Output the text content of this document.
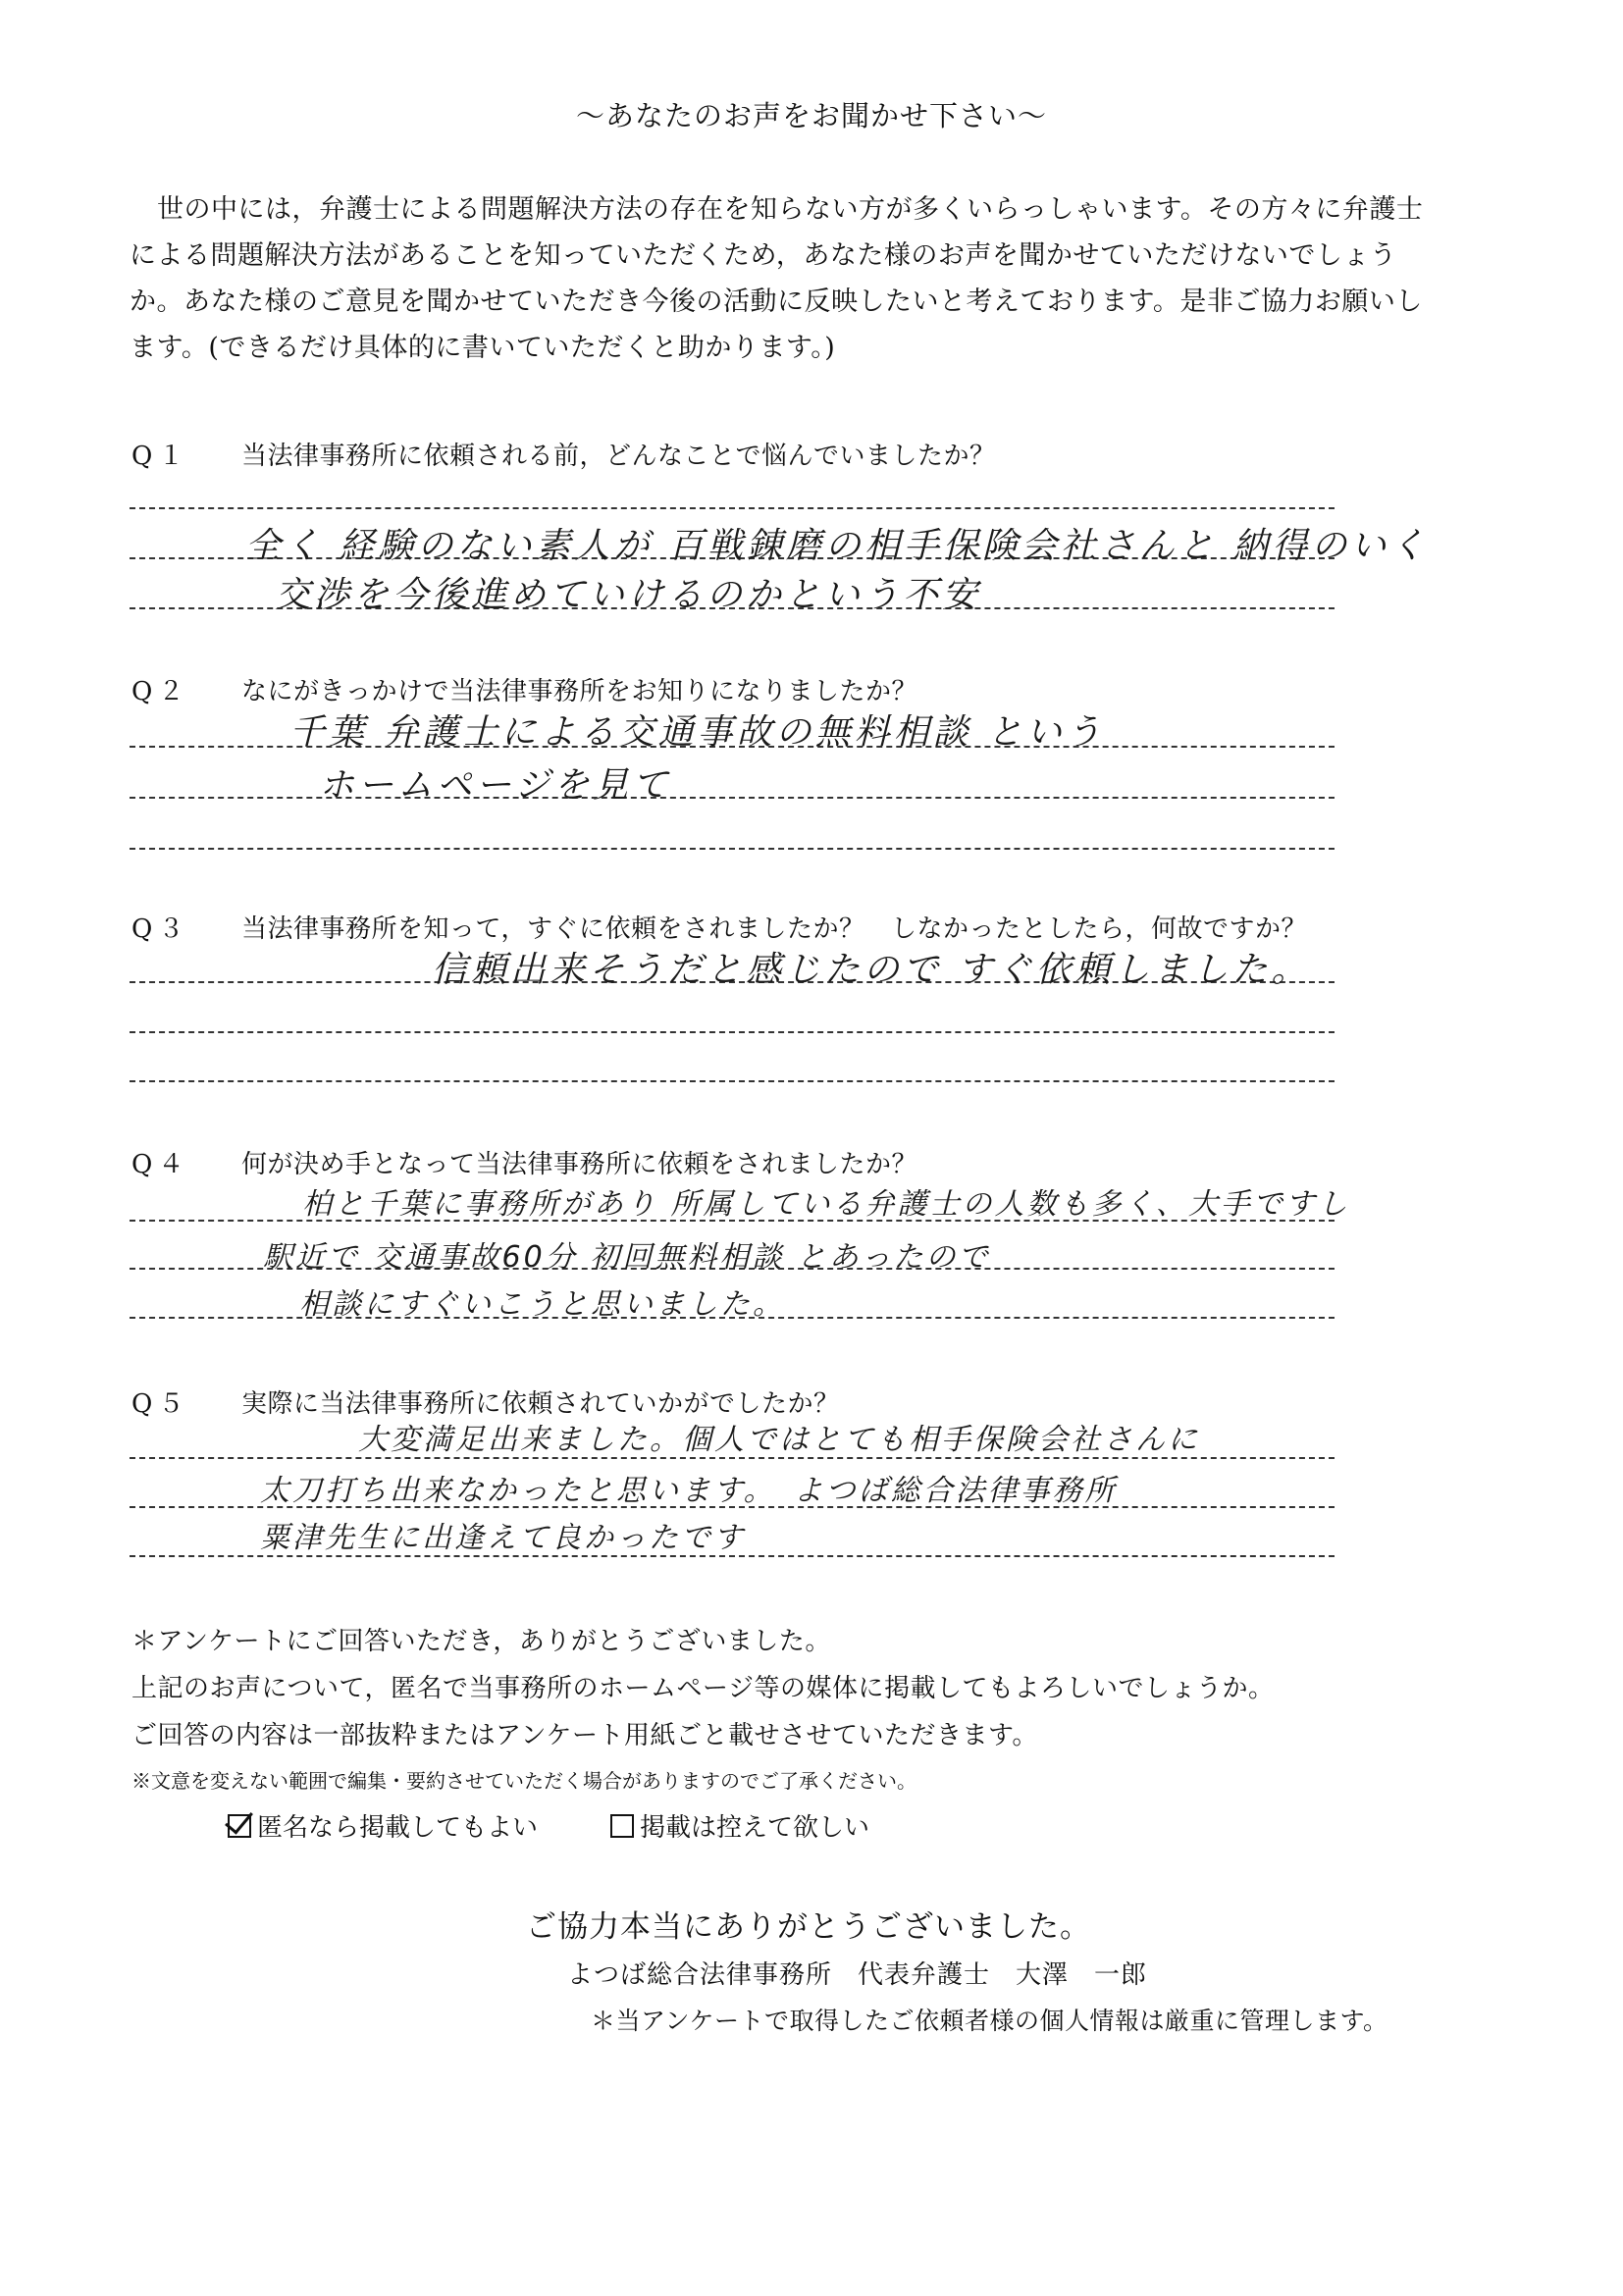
～あなたのお声をお聞かせ下さい～

世の中には，弁護士による問題解決方法の存在を知らない方が多くいらっしゃいます。その方々に弁護士

による問題解決方法があることを知っていただくため，あなた様のお声を聞かせていただけないでしょう
か。あなた様のご意見を聞かせていただき今後の活動に反映したいと考えております。是非ご協力お願いし
ます。(できるだけ具体的に書いていただくと助かります。)
Q１ 当法律事務所に依頼される前，どんなことで悩んでいましたか？
全く 経験のない素人が 百戦錬磨の相手保険会社さんと 納得のいく
交渉を今後進めていけるのかという不安
Q２ なにがきっかけで当法律事務所をお知りになりましたか？
千葉 弁護士による交通事故の無料相談 という
ホームページを見て
Q３ 当法律事務所を知って，すぐに依頼をされましたか？　しなかったとしたら，何故ですか？
信頼出来そうだと感じたので すぐ依頼しました。
Q４ 何が決め手となって当法律事務所に依頼をされましたか？
柏と千葉に事務所があり 所属している弁護士の人数も多く、大手ですし
駅近で 交通事故60分 初回無料相談 とあったので
相談にすぐいこうと思いました。
Q５ 実際に当法律事務所に依頼されていかがでしたか？
大変満足出来ました。個人ではとても相手保険会社さんに
太刀打ち出来なかったと思います。　よつば総合法律事務所
粟津先生に出逢えて良かったです
＊アンケートにご回答いただき，ありがとうございました。
上記のお声について，匿名で当事務所のホームページ等の媒体に掲載してもよろしいでしょうか。
ご回答の内容は一部抜粋またはアンケート用紙ごと載せさせていただきます。
※文意を変えない範囲で編集・要約させていただく場合がありますのでご了承ください。
匿名なら掲載してもよい	掲載は控えて欲しい
ご協力本当にありがとうございました。
よつば総合法律事務所 代表弁護士 大澤 一郎
＊当アンケートで取得したご依頼者様の個人情報は厳重に管理します。
